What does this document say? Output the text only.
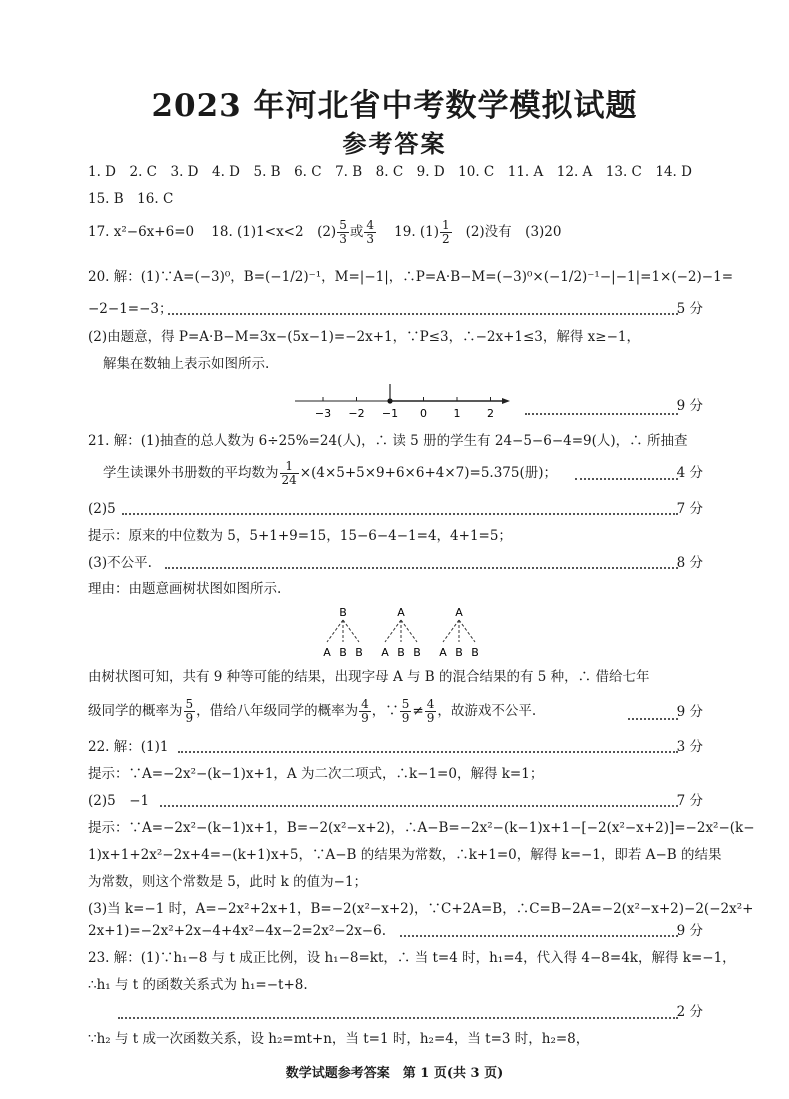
2023 年河北省中考数学模拟试题
参考答案
1. D　2. C　3. D　4. D　5. B　6. C　7. B　8. C　9. D　10. C　11. A　12. A　13. C　14. D
15. B　16. C
17. x²−6x+6=0 18. (1)1<x<2　$(2) \frac{5}{3}$ 或 $\frac{4}{3} 19$. $(1) \frac{1}{2} (2)$没有　(3)20
20. 解：(1)∵A=(−3)⁰，B=(−1/2)⁻¹，M=|−1|，∴P=A·B−M=(−3)⁰×(−1/2)⁻¹−|−1|=1×(−2)−1=
−2−1=−3；	5 分
(2)由题意，得 P=A·B−M=3x−(5x−1)=−2x+1，∵P≤3，∴−2x+1≤3，解得 x≥−1，
解集在数轴上表示如图所示.
−3 −2 −1 0 1 2	9 分
21. 解：(1)抽查的总人数为 6÷25%=24(人)，∴ 读 5 册的学生有 24−5−6−4=9(人)，∴ 所抽查
学生读课外书册数的平均数为 $\frac{1}{24} \times(4\times 5+5\times 9+6\times 6+4\times 7)=5.375$(册)；	4 分
(2)5	7 分
提示：原来的中位数为 5，5+1+9=15，15−6−4−1=4，4+1=5；
(3)不公平.	8 分
理由：由题意画树状图如图所示.
B
A B B
A
A B B
A
A B B
由树状图可知，共有 9 种等可能的结果，出现字母 A 与 B 的混合结果的有 5 种，∴ 借给七年
级同学的概率为 $\frac{5}{9}$ ，借给八年级同学的概率为 $\frac{4}{9}$ ，∵ $\frac{5}{9} \ne \frac{4}{9}$ ，故游戏不公平.	9 分
22. 解：(1)1	3 分
提示：∵A=−2x²−(k−1)x+1，A 为二次二项式，∴k−1=0，解得 k=1；
(2)5　−1	7 分
提示：∵A=−2x²−(k−1)x+1，B=−2(x²−x+2)，∴A−B=−2x²−(k−1)x+1−[−2(x²−x+2)]=−2x²−(k−
1)x+1+2x²−2x+4=−(k+1)x+5，∵A−B 的结果为常数，∴k+1=0，解得 k=−1，即若 A−B 的结果
为常数，则这个常数是 5，此时 k 的值为−1；
(3)当 k=−1 时，A=−2x²+2x+1，B=−2(x²−x+2)，∵C+2A=B，∴C=B−2A=−2(x²−x+2)−2(−2x²+
2x+1)=−2x²+2x−4+4x²−4x−2=2x²−2x−6.	9 分
23. 解：(1)∵h₁−8 与 t 成正比例，设 h₁−8=kt，∴ 当 t=4 时，h₁=4，代入得 4−8=4k，解得 k=−1，
∴h₁ 与 t 的函数关系式为 h₁=−t+8.
2 分
∵h₂ 与 t 成一次函数关系，设 h₂=mt+n，当 t=1 时，h₂=4，当 t=3 时，h₂=8，
数学试题参考答案　第 1 页(共 3 页)
